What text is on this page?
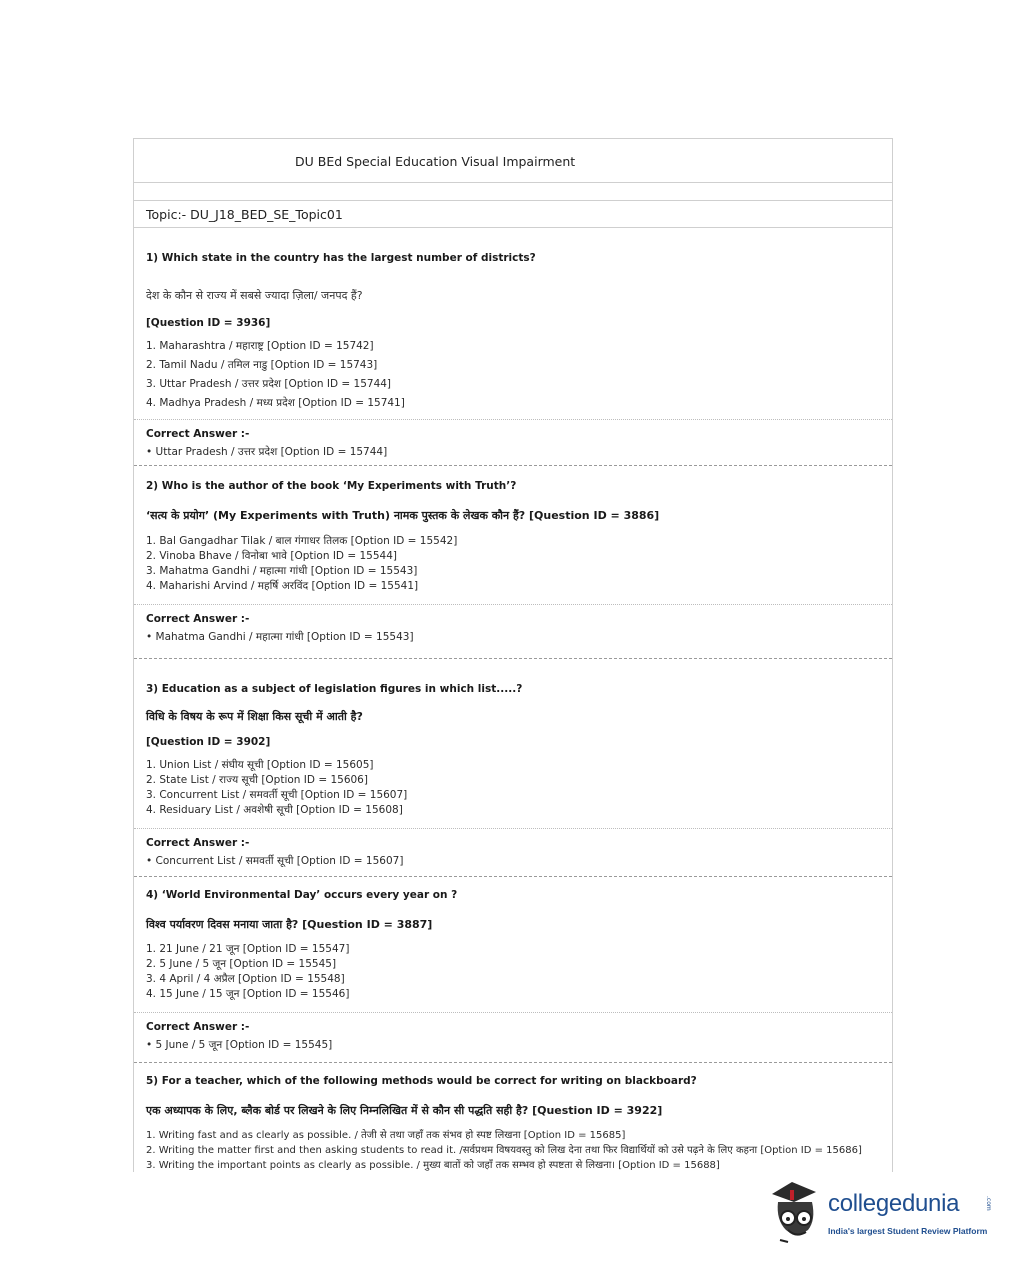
DU BEd Special Education Visual Impairment
Topic:- DU_J18_BED_SE_Topic01
1) Which state in the country has the largest number of districts?
देश के कौन से राज्य में सबसे ज्यादा ज़िला/ जनपद हैं?
[Question ID = 3936]
1. Maharashtra / महाराष्ट्र [Option ID = 15742]
2. Tamil Nadu / तमिल नाडु [Option ID = 15743]
3. Uttar Pradesh / उत्तर प्रदेश [Option ID = 15744]
4. Madhya Pradesh / मध्य प्रदेश [Option ID = 15741]
Correct Answer :-
• Uttar Pradesh / उत्तर प्रदेश [Option ID = 15744]
2) Who is the author of the book ‘My Experiments with Truth’?
‘सत्य के प्रयोग’ (My Experiments with Truth) नामक पुस्तक के लेखक कौन हैं? [Question ID = 3886]
1. Bal Gangadhar Tilak / बाल गंगाधर तिलक [Option ID = 15542]
2. Vinoba Bhave / विनोबा भावे [Option ID = 15544]
3. Mahatma Gandhi / महात्मा गांधी [Option ID = 15543]
4. Maharishi Arvind / महर्षि अरविंद [Option ID = 15541]
Correct Answer :-
• Mahatma Gandhi / महात्मा गांधी [Option ID = 15543]
3) Education as a subject of legislation figures in which list.....?
विधि के विषय के रूप में शिक्षा किस सूची में आती है?
[Question ID = 3902]
1. Union List / संघीय सूची [Option ID = 15605]
2. State List / राज्य सूची [Option ID = 15606]
3. Concurrent List / समवर्ती सूची [Option ID = 15607]
4. Residuary List / अवशेषी सूची [Option ID = 15608]
Correct Answer :-
• Concurrent List / समवर्ती सूची [Option ID = 15607]
4) ‘World Environmental Day’ occurs every year on ?
विश्व पर्यावरण दिवस मनाया जाता है? [Question ID = 3887]
1. 21 June / 21 जून [Option ID = 15547]
2. 5 June / 5 जून [Option ID = 15545]
3. 4 April / 4 अप्रैल [Option ID = 15548]
4. 15 June / 15 जून [Option ID = 15546]
Correct Answer :-
• 5 June / 5 जून [Option ID = 15545]
5) For a teacher, which of the following methods would be correct for writing on blackboard?
एक अध्यापक के लिए, ब्लैक बोर्ड पर लिखने के लिए निम्नलिखित में से कौन सी पद्धति सही है? [Question ID = 3922]
1. Writing fast and as clearly as possible. / तेजी से तथा जहाँ तक संभव हो स्पष्ट लिखना [Option ID = 15685]
2. Writing the matter first and then asking students to read it. /सर्वप्रथम विषयवस्तु को लिख देना तथा फिर विद्यार्थियों को उसे पढ़ने के लिए कहना [Option ID = 15686]
3. Writing the important points as clearly as possible. / मुख्य बातों को जहाँ तक सम्भव हो स्पष्टता से लिखना। [Option ID = 15688]
collegedunia	.com
India's largest Student Review Platform
